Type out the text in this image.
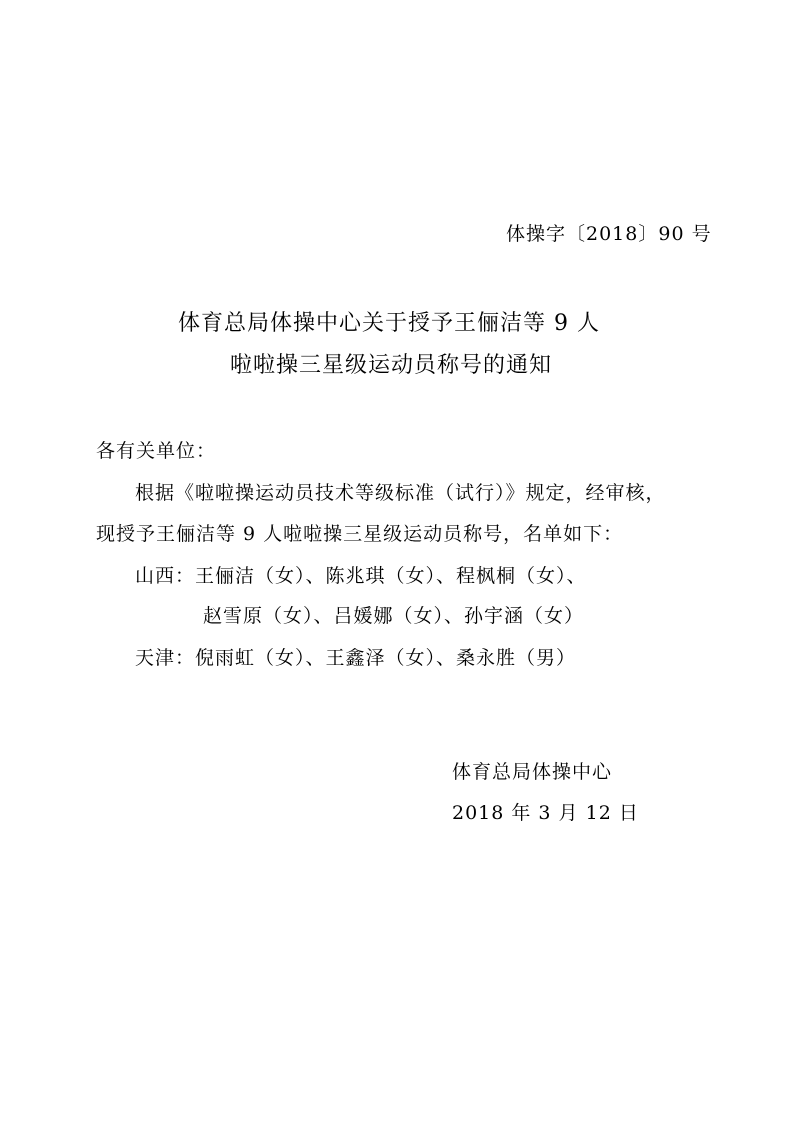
体操字〔2018〕90 号
体育总局体操中心关于授予王俪洁等 9 人
啦啦操三星级运动员称号的通知
各有关单位：
根据《啦啦操运动员技术等级标准（试行）》规定，经审核，
现授予王俪洁等 9 人啦啦操三星级运动员称号，名单如下：
山西：王俪洁（女）、陈兆琪（女）、程枫桐（女）、
赵雪原（女）、吕媛娜（女）、孙宇涵（女）
天津：倪雨虹（女）、王鑫泽（女）、桑永胜（男）
体育总局体操中心
2018 年 3 月 12 日
